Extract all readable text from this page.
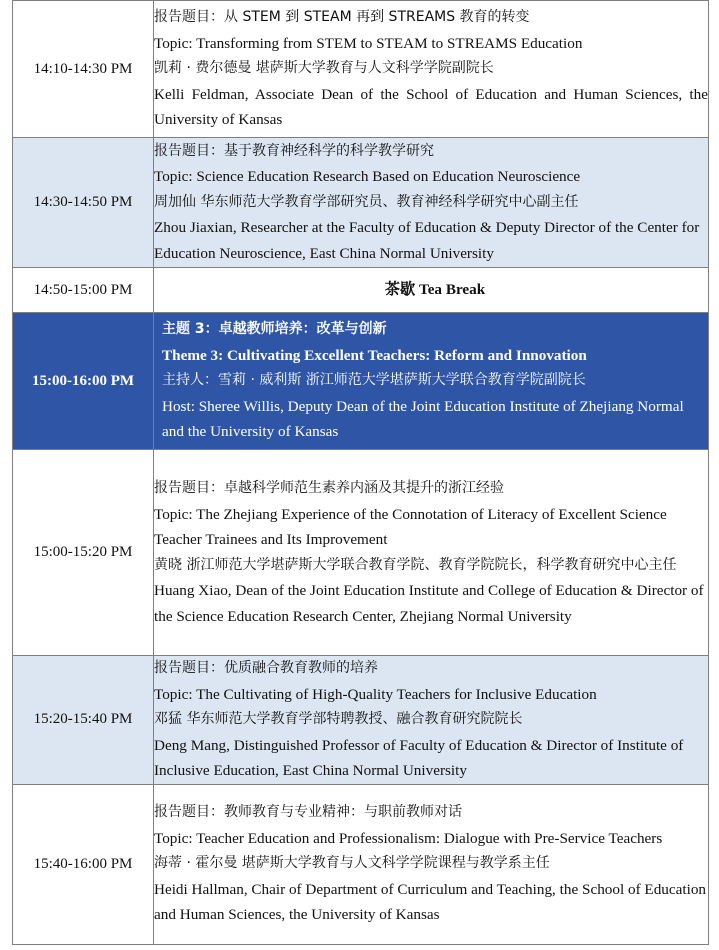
14:10-14:30 PM	报告题目：从 STEM 到 STEAM 再到 STREAMS 教育的转变
Topic: Transforming from STEM to STEAM to STREAMS Education
凯莉 · 费尔德曼 堪萨斯大学教育与人文科学学院副院长
Kelli Feldman, Associate Dean of the School of Education and Human Sciences, the University of Kansas

14:30-14:50 PM	报告题目：基于教育神经科学的科学教学研究
Topic: Science Education Research Based on Education Neuroscience
周加仙 华东师范大学教育学部研究员、教育神经科学研究中心副主任
Zhou Jiaxian, Researcher at the Faculty of Education & Deputy Director of the Center for Education Neuroscience, East China Normal University

14:50-15:00 PM	茶歇 Tea Break
15:00-16:00 PM	主题 3：卓越教师培养：改革与创新
Theme 3: Cultivating Excellent Teachers: Reform and Innovation
主持人：雪莉 · 威利斯 浙江师范大学堪萨斯大学联合教育学院副院长
Host: Sheree Willis, Deputy Dean of the Joint Education Institute of Zhejiang Normal and the University of Kansas

15:00-15:20 PM	报告题目：卓越科学师范生素养内涵及其提升的浙江经验
Topic: The Zhejiang Experience of the Connotation of Literacy of Excellent Science Teacher Trainees and Its Improvement
黄晓 浙江师范大学堪萨斯大学联合教育学院、教育学院院长，科学教育研究中心主任
Huang Xiao, Dean of the Joint Education Institute and College of Education & Director of the Science Education Research Center, Zhejiang Normal University

15:20-15:40 PM	报告题目：优质融合教育教师的培养
Topic: The Cultivating of High-Quality Teachers for Inclusive Education
邓猛 华东师范大学教育学部特聘教授、融合教育研究院院长
Deng Mang, Distinguished Professor of Faculty of Education & Director of Institute of Inclusive Education, East China Normal University

15:40-16:00 PM	报告题目：教师教育与专业精神：与职前教师对话
Topic: Teacher Education and Professionalism: Dialogue with Pre-Service Teachers
海蒂 · 霍尔曼 堪萨斯大学教育与人文科学学院课程与教学系主任
Heidi Hallman, Chair of Department of Curriculum and Teaching, the School of Education and Human Sciences, the University of Kansas
